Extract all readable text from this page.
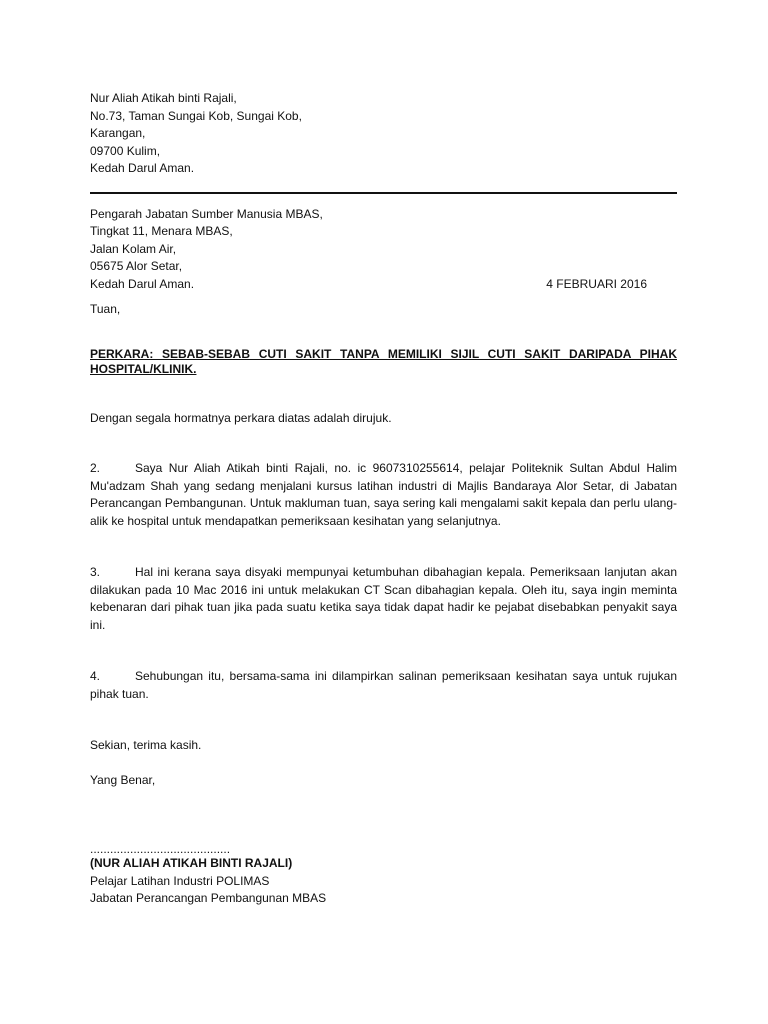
Nur Aliah Atikah binti Rajali,
No.73, Taman Sungai Kob, Sungai Kob,
Karangan,
09700 Kulim,
Kedah Darul Aman.
Pengarah Jabatan Sumber Manusia MBAS,
Tingkat 11, Menara MBAS,
Jalan Kolam Air,
05675 Alor Setar,
Kedah Darul Aman.	4 FEBRUARI 2016
Tuan,
PERKARA: SEBAB-SEBAB CUTI SAKIT TANPA MEMILIKI SIJIL CUTI SAKIT DARIPADA PIHAK HOSPITAL/KLINIK.
Dengan segala hormatnya perkara diatas adalah dirujuk.
2.	Saya Nur Aliah Atikah binti Rajali, no. ic 9607310255614, pelajar Politeknik Sultan Abdul Halim Mu'adzam Shah yang sedang menjalani kursus latihan industri di Majlis Bandaraya Alor Setar, di Jabatan Perancangan Pembangunan. Untuk makluman tuan, saya sering kali mengalami sakit kepala dan perlu ulang-alik ke hospital untuk mendapatkan pemeriksaan kesihatan yang selanjutnya.
3.	Hal ini kerana saya disyaki mempunyai ketumbuhan dibahagian kepala. Pemeriksaan lanjutan akan dilakukan pada 10 Mac 2016 ini untuk melakukan CT Scan dibahagian kepala. Oleh itu, saya ingin meminta kebenaran dari pihak tuan jika pada suatu ketika saya tidak dapat hadir ke pejabat disebabkan penyakit saya ini.
4.	Sehubungan itu, bersama-sama ini dilampirkan salinan pemeriksaan kesihatan saya untuk rujukan pihak tuan.
Sekian, terima kasih.
Yang Benar,
..........................................
(NUR ALIAH ATIKAH BINTI RAJALI)
Pelajar Latihan Industri POLIMAS
Jabatan Perancangan Pembangunan MBAS
